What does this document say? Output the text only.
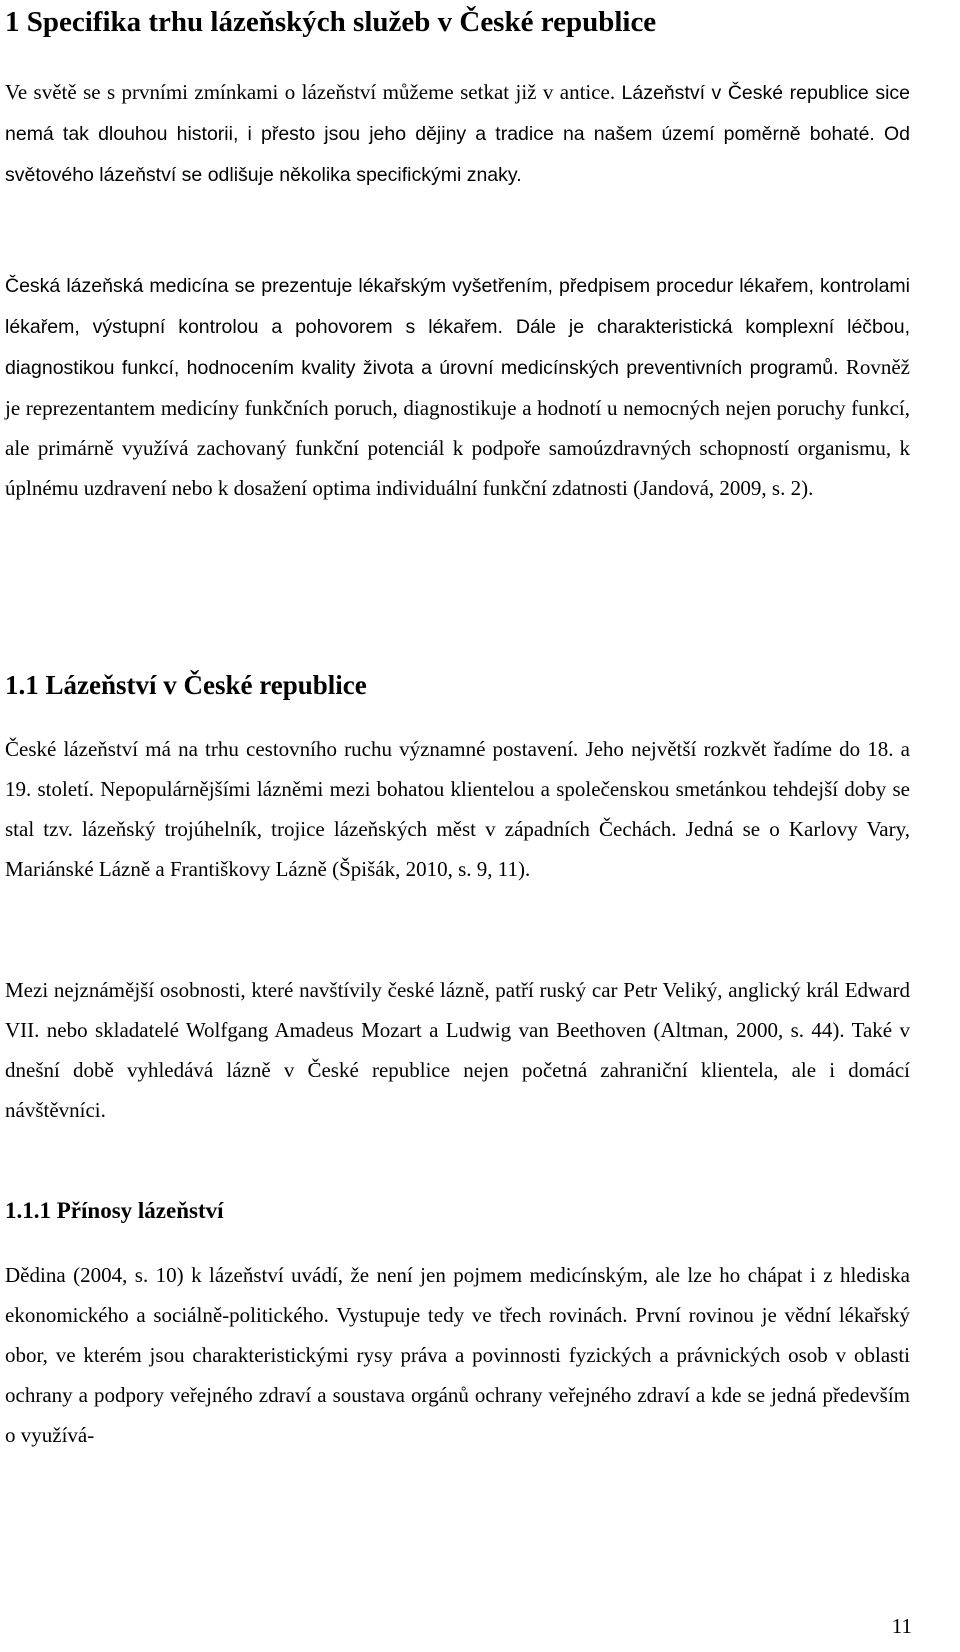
1 Specifika trhu lázeňských služeb v České republice

Ve světě se s prvními zmínkami o lázeňství můžeme setkat již v antice. Lázeňství v České republice sice nemá tak dlouhou historii, i přesto jsou jeho dějiny a tradice na našem území poměrně bohaté. Od světového lázeňství se odlišuje několika specifickými znaky.

Česká lázeňská medicína se prezentuje lékařským vyšetřením, předpisem procedur lékařem, kontrolami lékařem, výstupní kontrolou a pohovorem s lékařem. Dále je charakteristická komplexní léčbou, diagnostikou funkcí, hodnocením kvality života a úrovní medicínských preventivních programů. Rovněž je reprezentantem medicíny funkčních poruch, diagnostikuje a hodnotí u nemocných nejen poruchy funkcí, ale primárně využívá zachovaný funkční potenciál k podpoře samoúzdravných schopností organismu, k úplnému uzdravení nebo k dosažení optima individuální funkční zdatnosti (Jandová, 2009, s. 2).

1.1 Lázeňství v České republice

České lázeňství má na trhu cestovního ruchu významné postavení. Jeho největší rozkvět řadíme do 18. a 19. století. Nepopulárnějšími lázněmi mezi bohatou klientelou a společenskou smetánkou tehdejší doby se stal tzv. lázeňský trojúhelník, trojice lázeňských měst v západních Čechách. Jedná se o Karlovy Vary, Mariánské Lázně a Františkovy Lázně (Špišák, 2010, s. 9, 11).

Mezi nejznámější osobnosti, které navštívily české lázně, patří ruský car Petr Veliký, anglický král Edward VII. nebo skladatelé Wolfgang Amadeus Mozart a Ludwig van Beethoven (Altman, 2000, s. 44). Také v dnešní době vyhledává lázně v České republice nejen početná zahraniční klientela, ale i domácí návštěvníci.

1.1.1 Přínosy lázeňství

Dědina (2004, s. 10) k lázeňství uvádí, že není jen pojmem medicínským, ale lze ho chápat i z hlediska ekonomického a sociálně-politického. Vystupuje tedy ve třech rovinách. První rovinou je vědní lékařský obor, ve kterém jsou charakteristickými rysy práva a povinnosti fyzických a právnických osob v oblasti ochrany a podpory veřejného zdraví a soustava orgánů ochrany veřejného zdraví a kde se jedná především o využívá-

11
